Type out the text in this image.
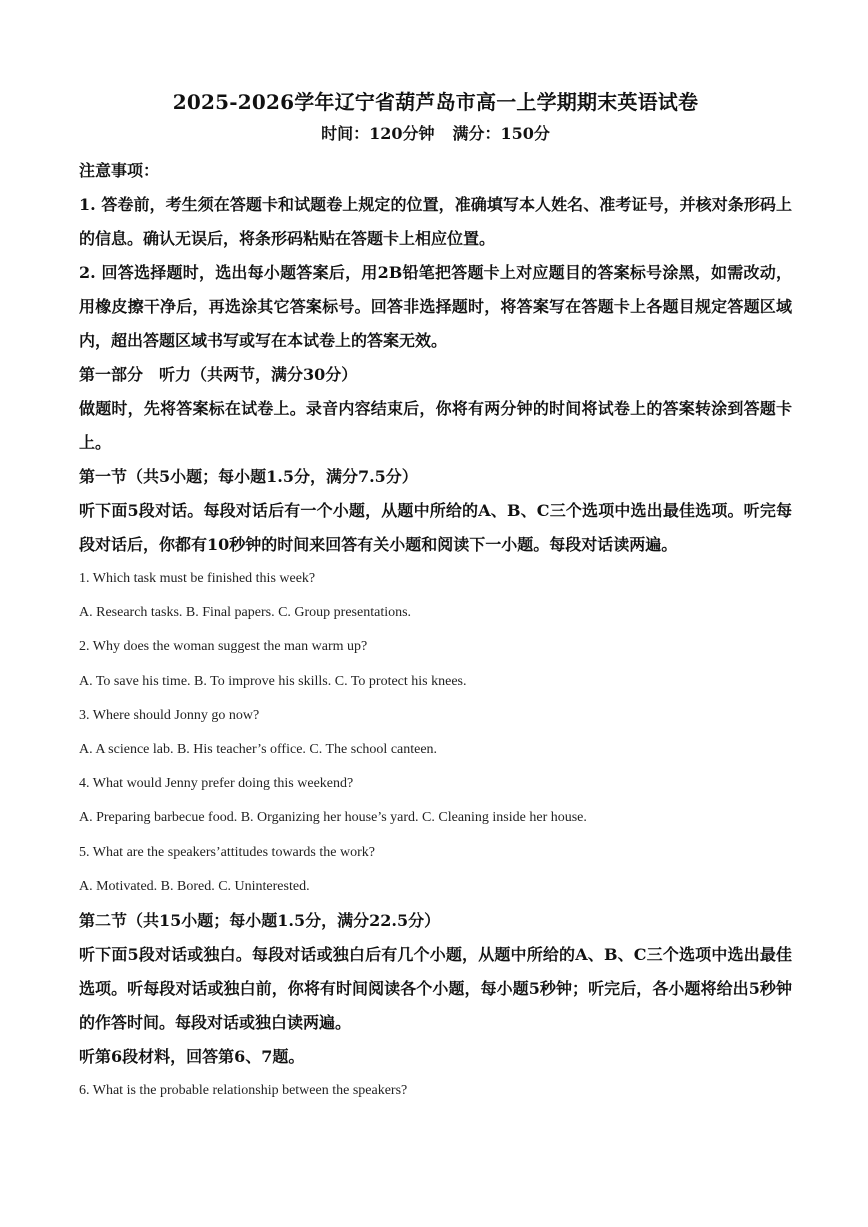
2025-2026学年辽宁省葫芦岛市高一上学期期末英语试卷
时间：120分钟 满分：150分

注意事项：

1. 答卷前，考生须在答题卡和试题卷上规定的位置，准确填写本人姓名、准考证号，并核对条形码上的信息。确认无误后，将条形码粘贴在答题卡上相应位置。

2. 回答选择题时，选出每小题答案后，用2B铅笔把答题卡上对应题目的答案标号涂黑，如需改动，用橡皮擦干净后，再选涂其它答案标号。回答非选择题时，将答案写在答题卡上各题目规定答题区域内，超出答题区域书写或写在本试卷上的答案无效。

第一部分　听力（共两节，满分30分）

做题时，先将答案标在试卷上。录音内容结束后，你将有两分钟的时间将试卷上的答案转涂到答题卡上。

第一节（共5小题；每小题1.5分，满分7.5分）

听下面5段对话。每段对话后有一个小题，从题中所给的A、B、C三个选项中选出最佳选项。听完每段对话后，你都有10秒钟的时间来回答有关小题和阅读下一小题。每段对话读两遍。

1. Which task must be finished this week?

A. Research tasks. B. Final papers. C. Group presentations.

2. Why does the woman suggest the man warm up?

A. To save his time. B. To improve his skills. C. To protect his knees.

3. Where should Jonny go now?

A. A science lab. B. His teacher’s office. C. The school canteen.

4. What would Jenny prefer doing this weekend?

A. Preparing barbecue food. B. Organizing her house’s yard. C. Cleaning inside her house.

5. What are the speakers’attitudes towards the work?

A. Motivated. B. Bored. C. Uninterested.

第二节（共15小题；每小题1.5分，满分22.5分）

听下面5段对话或独白。每段对话或独白后有几个小题，从题中所给的A、B、C三个选项中选出最佳选项。听每段对话或独白前，你将有时间阅读各个小题，每小题5秒钟；听完后，各小题将给出5秒钟的作答时间。每段对话或独白读两遍。

听第6段材料，回答第6、7题。

6. What is the probable relationship between the speakers?
